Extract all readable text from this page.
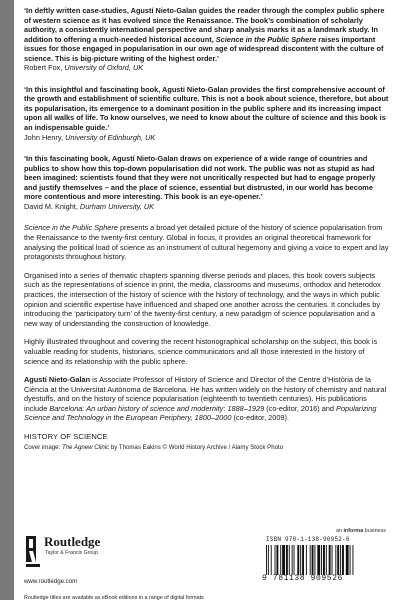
‘In deftly written case-studies, Agustí Nieto-Galan guides the reader through the complex public sphere of western science as it has evolved since the Renaissance. The book’s combination of scholarly authority, a consistently international perspective and sharp analysis marks it as a landmark study. In addition to offering a much-needed historical account, Science in the Public Sphere raises important issues for those engaged in popularisation in our own age of widespread discontent with the culture of science. This is big-picture writing of the highest order.’

Robert Fox, University of Oxford, UK

‘In this insightful and fascinating book, Agusti Nieto-Galan provides the first comprehensive account of the growth and establishment of scientific culture. This is not a book about science, therefore, but about its popularisation, its emergence to a dominant position in the public sphere and its increasing impact upon all walks of life. To know ourselves, we need to know about the culture of science and this book is an indispensable guide.’

John Henry, University of Edinburgh, UK

‘In this fascinating book, Agustí Nieto-Galan draws on experience of a wide range of countries and publics to show how this top-down popularisation did not work. The public was not as stupid as had been imagined: scientists found that they were not uncritically respected but had to engage properly and justify themselves – and the place of science, essential but distrusted, in our world has become more contentious and more interesting. This book is an eye-opener.’

David M. Knight, Durham University, UK

Science in the Public Sphere presents a broad yet detailed picture of the history of science popularisation from the Renaissance to the twenty-first century. Global in focus, it provides an original theoretical framework for analysing the political load of science as an instrument of cultural hegemony and giving a voice to expert and lay protagonists throughout history.

Organised into a series of thematic chapters spanning diverse periods and places, this book covers subjects such as the representations of science in print, the media, classrooms and museums, orthodox and heterodox practices, the intersection of the history of science with the history of technology, and the ways in which public opinion and scientific expertise have influenced and shaped one another across the centuries. It concludes by introducing the ‘participatory turn’ of the twenty-first century, a new paradigm of science popularisation and a new way of understanding the construction of knowledge.

Highly illustrated throughout and covering the recent historiographical scholarship on the subject, this book is valuable reading for students, historians, science communicators and all those interested in the history of science and its relationship with the public sphere.

Agustí Nieto-Galan is Associate Professor of History of Science and Director of the Centre d’Història de la Ciència at the Universitat Autònoma de Barcelona. He has written widely on the history of chemistry and natural dyestuffs, and on the history of science popularisation (eighteenth to twentieth centuries). His publications include Barcelona: An urban history of science and modernity: 1888–1929 (co-editor, 2016) and Popularizing Science and Technology in the European Periphery, 1800–2000 (co-editor, 2009).

HISTORY OF SCIENCE

Cover image: The Agnew Clinic by Thomas Eakins © World History Archive / Alamy Stock Photo

Routledge
Taylor & Francis Group
www.routledge.com
ISBN 978-1-138-90952-6
9 781138 909526
an informa business

Routledge titles are available as eBook editions in a range of digital formats
